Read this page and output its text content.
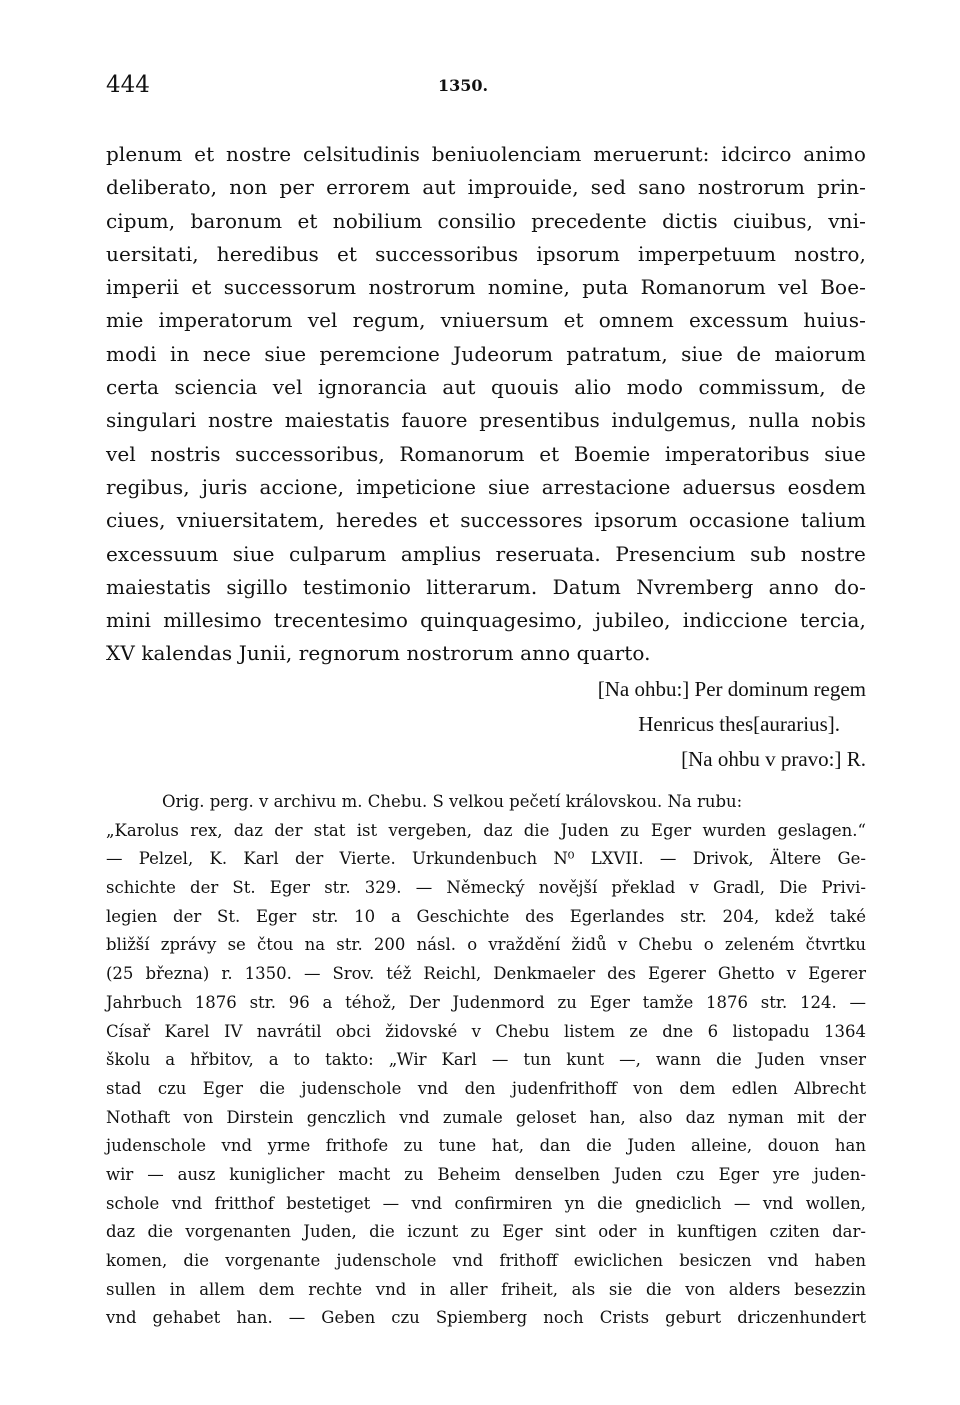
444	1350.
plenum et nostre celsitudinis beniuolenciam meruerunt: idcirco animo
deliberato, non per errorem aut improuide, sed sano nostrorum prin-
cipum, baronum et nobilium consilio precedente dictis ciuibus, vni-
uersitati, heredibus et successoribus ipsorum imperpetuum nostro,
imperii et successorum nostrorum nomine, puta Romanorum vel Boe-
mie imperatorum vel regum, vniuersum et omnem excessum huius-
modi in nece siue peremcione Judeorum patratum, siue de maiorum
certa sciencia vel ignorancia aut quouis alio modo commissum, de
singulari nostre maiestatis fauore presentibus indulgemus, nulla nobis
vel nostris successoribus, Romanorum et Boemie imperatoribus siue
regibus, juris accione, impeticione siue arrestacione aduersus eosdem
ciues, vniuersitatem, heredes et successores ipsorum occasione talium
excessuum siue culparum amplius reseruata. Presencium sub nostre
maiestatis sigillo testimonio litterarum. Datum Nvremberg anno do-
mini millesimo trecentesimo quinquagesimo, jubileo, indiccione tercia,
XV kalendas Junii, regnorum nostrorum anno quarto.
[Na ohbu:] Per dominum regem
Henricus thes[aurarius].
[Na ohbu v pravo:] R.
Orig. perg. v archivu m. Chebu. S velkou pečetí královskou. Na rubu:
„Karolus rex, daz der stat ist vergeben, daz die Juden zu Eger wurden geslagen.“
— Pelzel, K. Karl der Vierte. Urkundenbuch N⁰ LXVII. — Drivok, Ältere Ge-
schichte der St. Eger str. 329. — Německý novější překlad v Gradl, Die Privi-
legien der St. Eger str. 10 a Geschichte des Egerlandes str. 204, kdež také
bližší zprávy se čtou na str. 200 násl. o vraždění židů v Chebu o zeleném čtvrtku
(25 března) r. 1350. — Srov. též Reichl, Denkmaeler des Egerer Ghetto v Egerer
Jahrbuch 1876 str. 96 a téhož, Der Judenmord zu Eger tamže 1876 str. 124. —
Císař Karel IV navrátil obci židovské v Chebu listem ze dne 6 listopadu 1364
školu a hřbitov, a to takto: „Wir Karl — tun kunt —, wann die Juden vnser
stad czu Eger die judenschole vnd den judenfrithoff von dem edlen Albrecht
Nothaft von Dirstein genczlich vnd zumale geloset han, also daz nyman mit der
judenschole vnd yrme frithofe zu tune hat, dan die Juden alleine, douon han
wir — ausz kuniglicher macht zu Beheim denselben Juden czu Eger yre juden-
schole vnd fritthof bestetiget — vnd confirmiren yn die gnediclich — vnd wollen,
daz die vorgenanten Juden, die iczunt zu Eger sint oder in kunftigen cziten dar-
komen, die vorgenante judenschole vnd frithoff ewiclichen besiczen vnd haben
sullen in allem dem rechte vnd in aller friheit, als sie die von alders besezzin
vnd gehabet han. — Geben czu Spiemberg noch Crists geburt driczenhundert
